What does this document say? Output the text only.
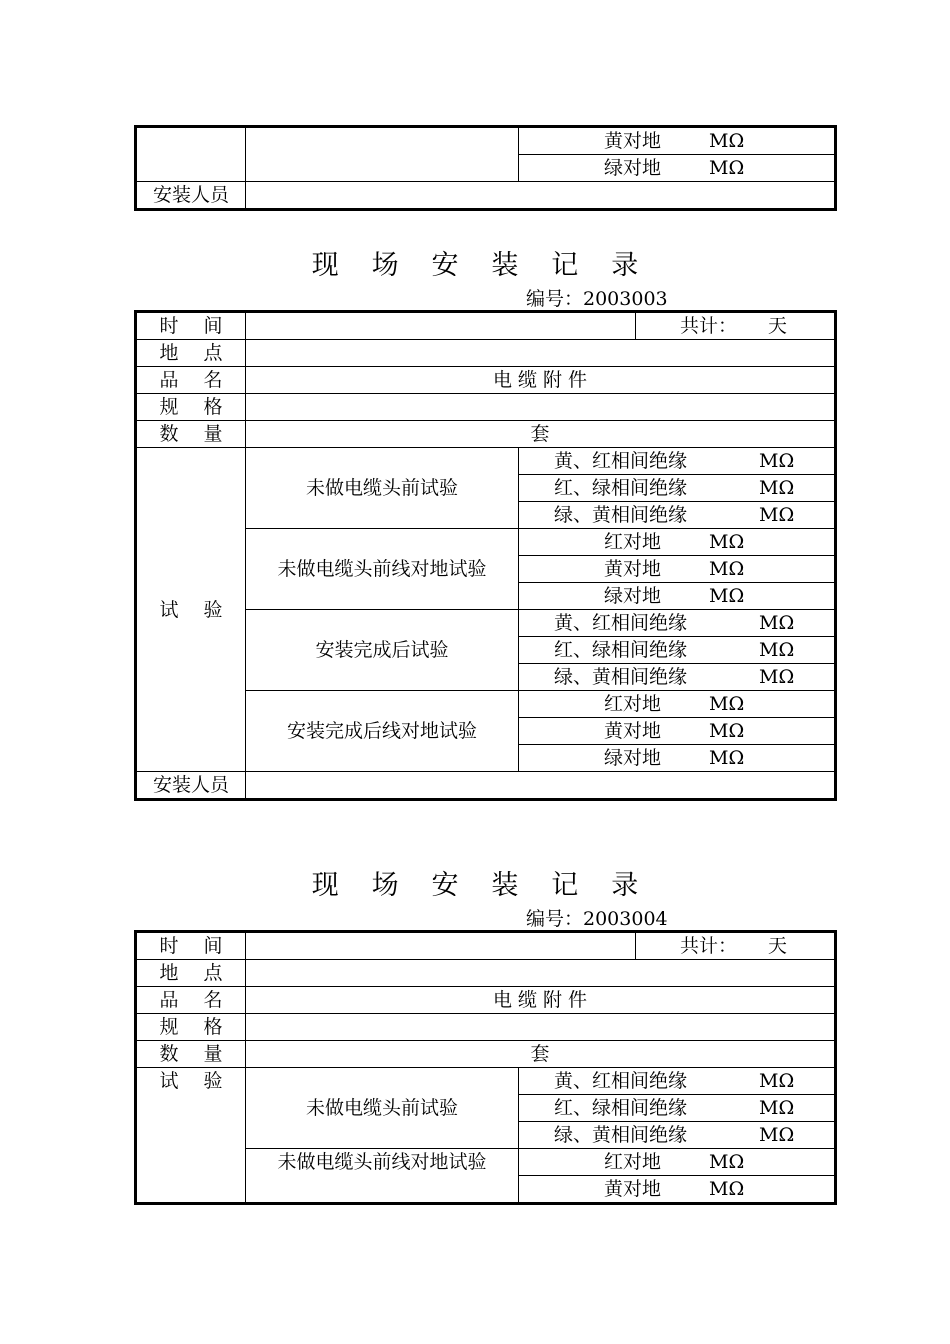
		黄对地 MΩ

		绿对地 MΩ

安装人员		
现 场 安 装 记 录
编号：2003003
时 间			共计： 天

地 点			
品 名	电 缆 附 件		
规 格			
数 量	套		
试 验	未做电缆头前试验	黄、红相间绝缘 MΩ	

		红、绿相间绝缘 MΩ	

		绿、黄相间绝缘 MΩ	

	未做电缆头前线对地试验	红对地 MΩ	

		黄对地 MΩ	

		绿对地 MΩ	

	安装完成后试验	黄、红相间绝缘 MΩ	

		红、绿相间绝缘 MΩ	

		绿、黄相间绝缘 MΩ	

	安装完成后线对地试验	红对地 MΩ	

		黄对地 MΩ	

		绿对地 MΩ	

安装人员			
现 场 安 装 记 录
编号：2003004
时 间			共计： 天

地 点			
品 名	电 缆 附 件		
规 格			
数 量	套		
试 验	未做电缆头前试验	黄、红相间绝缘 MΩ	

		红、绿相间绝缘 MΩ	

		绿、黄相间绝缘 MΩ	

	未做电缆头前线对地试验	红对地 MΩ	

		黄对地 MΩ	
